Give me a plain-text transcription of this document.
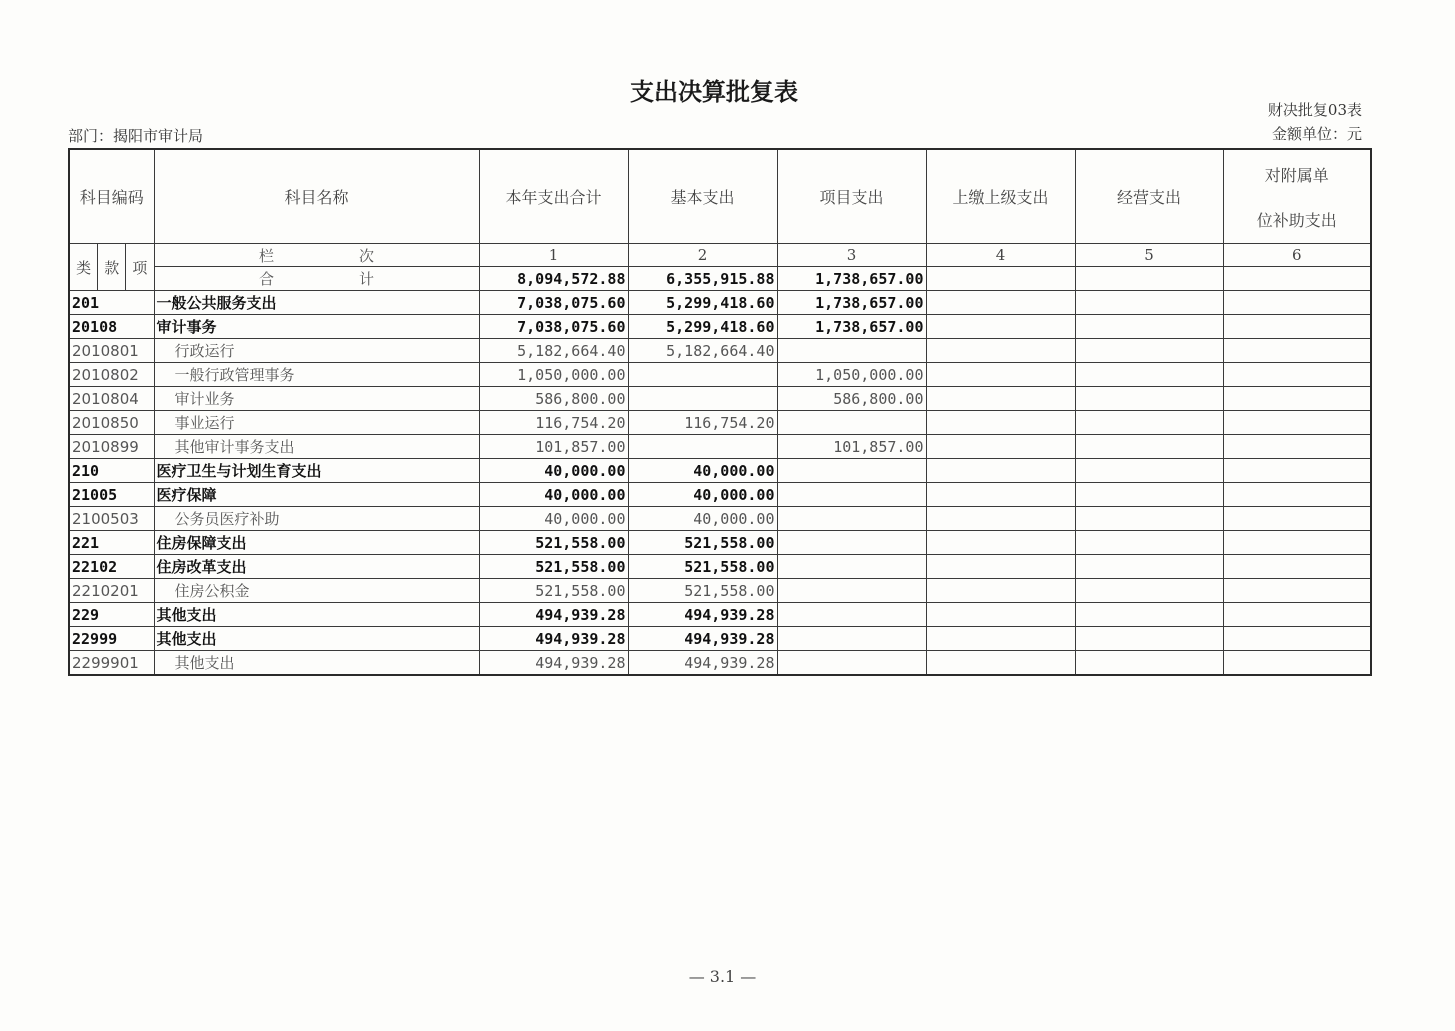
支出决算批复表
财决批复03表
金额单位：元
部门：揭阳市审计局
科目编码	科目名称	本年支出合计	基本支出	项目支出	上缴上级支出	经营支出	对附属单
位补助支出

类 款 项	栏 次	1	2	3	4	5	6

	合 计	8,094,572.88	6,355,915.88	1,738,657.00			
201	一般公共服务支出	7,038,075.60	5,299,418.60	1,738,657.00			
20108	审计事务	7,038,075.60	5,299,418.60	1,738,657.00			
2010801	行政运行	5,182,664.40	5,182,664.40				
2010802	一般行政管理事务	1,050,000.00		1,050,000.00			
2010804	审计业务	586,800.00		586,800.00			
2010850	事业运行	116,754.20	116,754.20				
2010899	其他审计事务支出	101,857.00		101,857.00			
210	医疗卫生与计划生育支出	40,000.00	40,000.00				
21005	医疗保障	40,000.00	40,000.00				
2100503	公务员医疗补助	40,000.00	40,000.00				
221	住房保障支出	521,558.00	521,558.00				
22102	住房改革支出	521,558.00	521,558.00				
2210201	住房公积金	521,558.00	521,558.00				
229	其他支出	494,939.28	494,939.28				
22999	其他支出	494,939.28	494,939.28				
2299901	其他支出	494,939.28	494,939.28				
— 3.1 —
